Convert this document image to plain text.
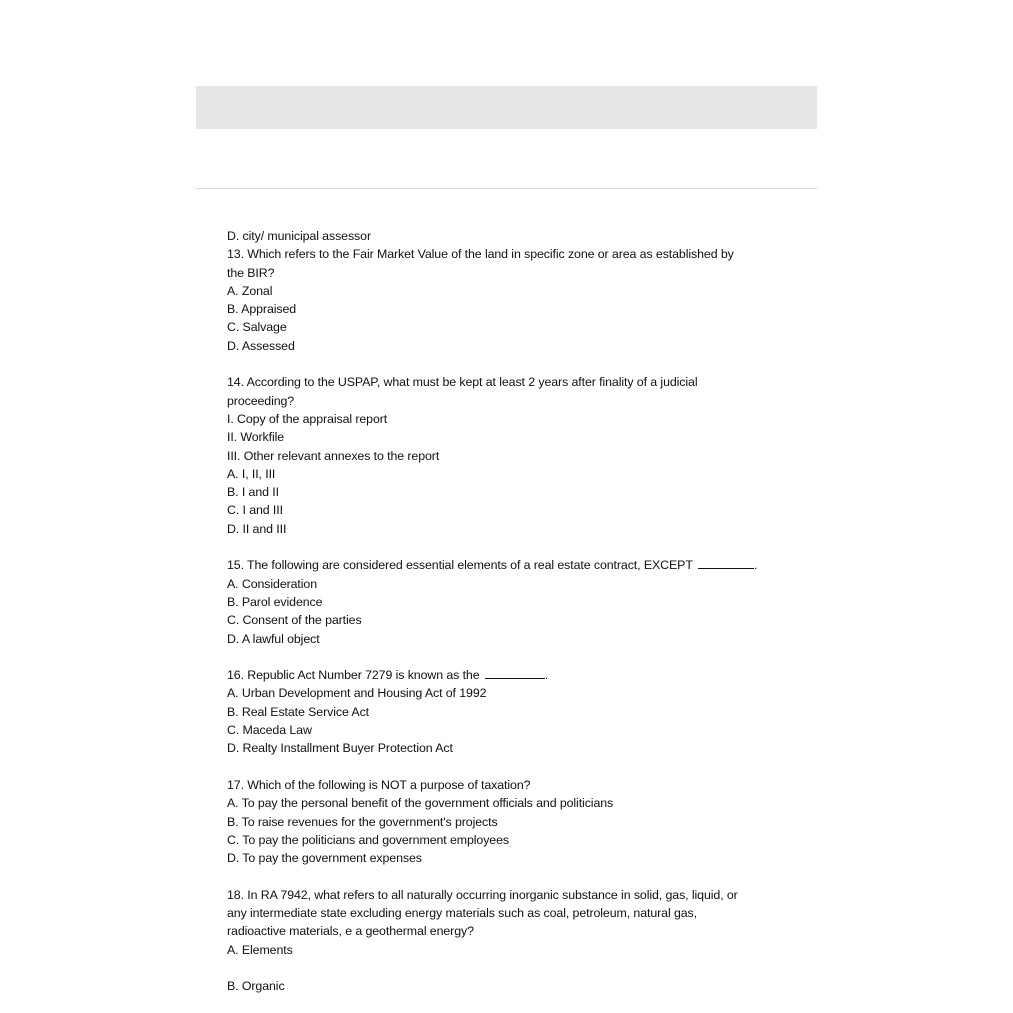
D. city/ municipal assessor
13. Which refers to the Fair Market Value of the land in specific zone or area as established by
the BIR?
A. Zonal
B. Appraised
C. Salvage
D. Assessed
14. According to the USPAP, what must be kept at least 2 years after finality of a judicial
proceeding?
I. Copy of the appraisal report
II. Workfile
III. Other relevant annexes to the report
A. I, II, III
B. I and II
C. I and III
D. II and III
15. The following are considered essential elements of a real estate contract, EXCEPT	.
A. Consideration
B. Parol evidence
C. Consent of the parties
D. A lawful object
16. Republic Act Number 7279 is known as the	.
A. Urban Development and Housing Act of 1992
B. Real Estate Service Act
C. Maceda Law
D. Realty Installment Buyer Protection Act
17. Which of the following is NOT a purpose of taxation?
A. To pay the personal benefit of the government officials and politicians
B. To raise revenues for the government's projects
C. To pay the politicians and government employees
D. To pay the government expenses
18. In RA 7942, what refers to all naturally occurring inorganic substance in solid, gas, liquid, or
any intermediate state excluding energy materials such as coal, petroleum, natural gas,
radioactive materials, e a geothermal energy?
A. Elements
B. Organic
